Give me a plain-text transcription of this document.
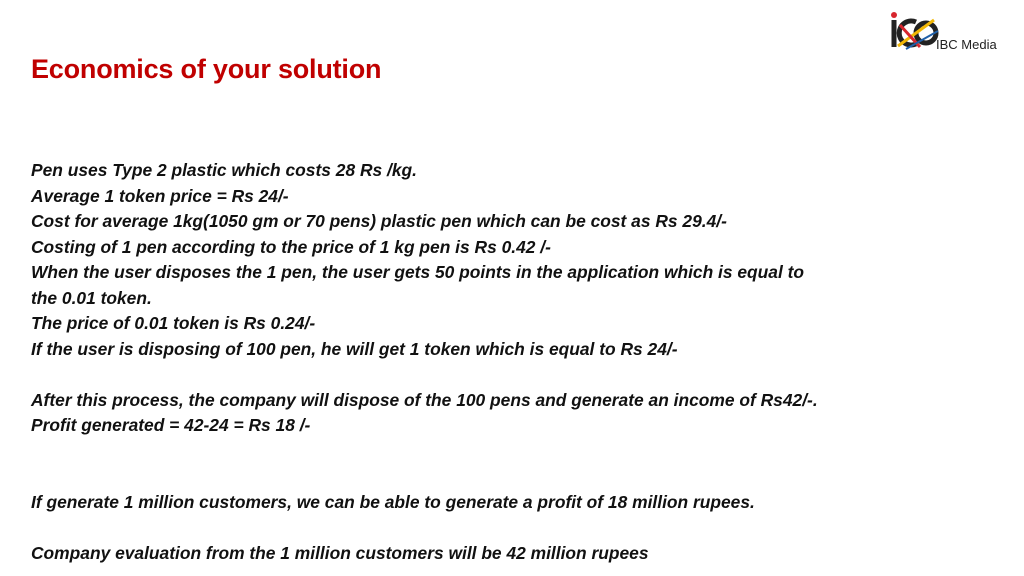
Economics of your solution
IBC Media

Pen uses Type 2 plastic which costs 28 Rs /kg.

Average 1 token price = Rs 24/-

Cost for average 1kg(1050 gm or 70 pens) plastic pen which can be cost as Rs 29.4/-

Costing of 1 pen according to the price of 1 kg pen is Rs 0.42 /-

When the user disposes the 1 pen, the user gets 50 points in the application which is equal to

the 0.01 token.

The price of 0.01 token is Rs 0.24/-

If the user is disposing of 100 pen, he will get 1 token which is equal to Rs 24/-

After this process, the company will dispose of the 100 pens and generate an income of Rs42/-.

Profit generated = 42-24 = Rs 18 /-

If generate 1 million customers, we can be able to generate a profit of 18 million rupees.

Company evaluation from the 1 million customers will be 42 million rupees
